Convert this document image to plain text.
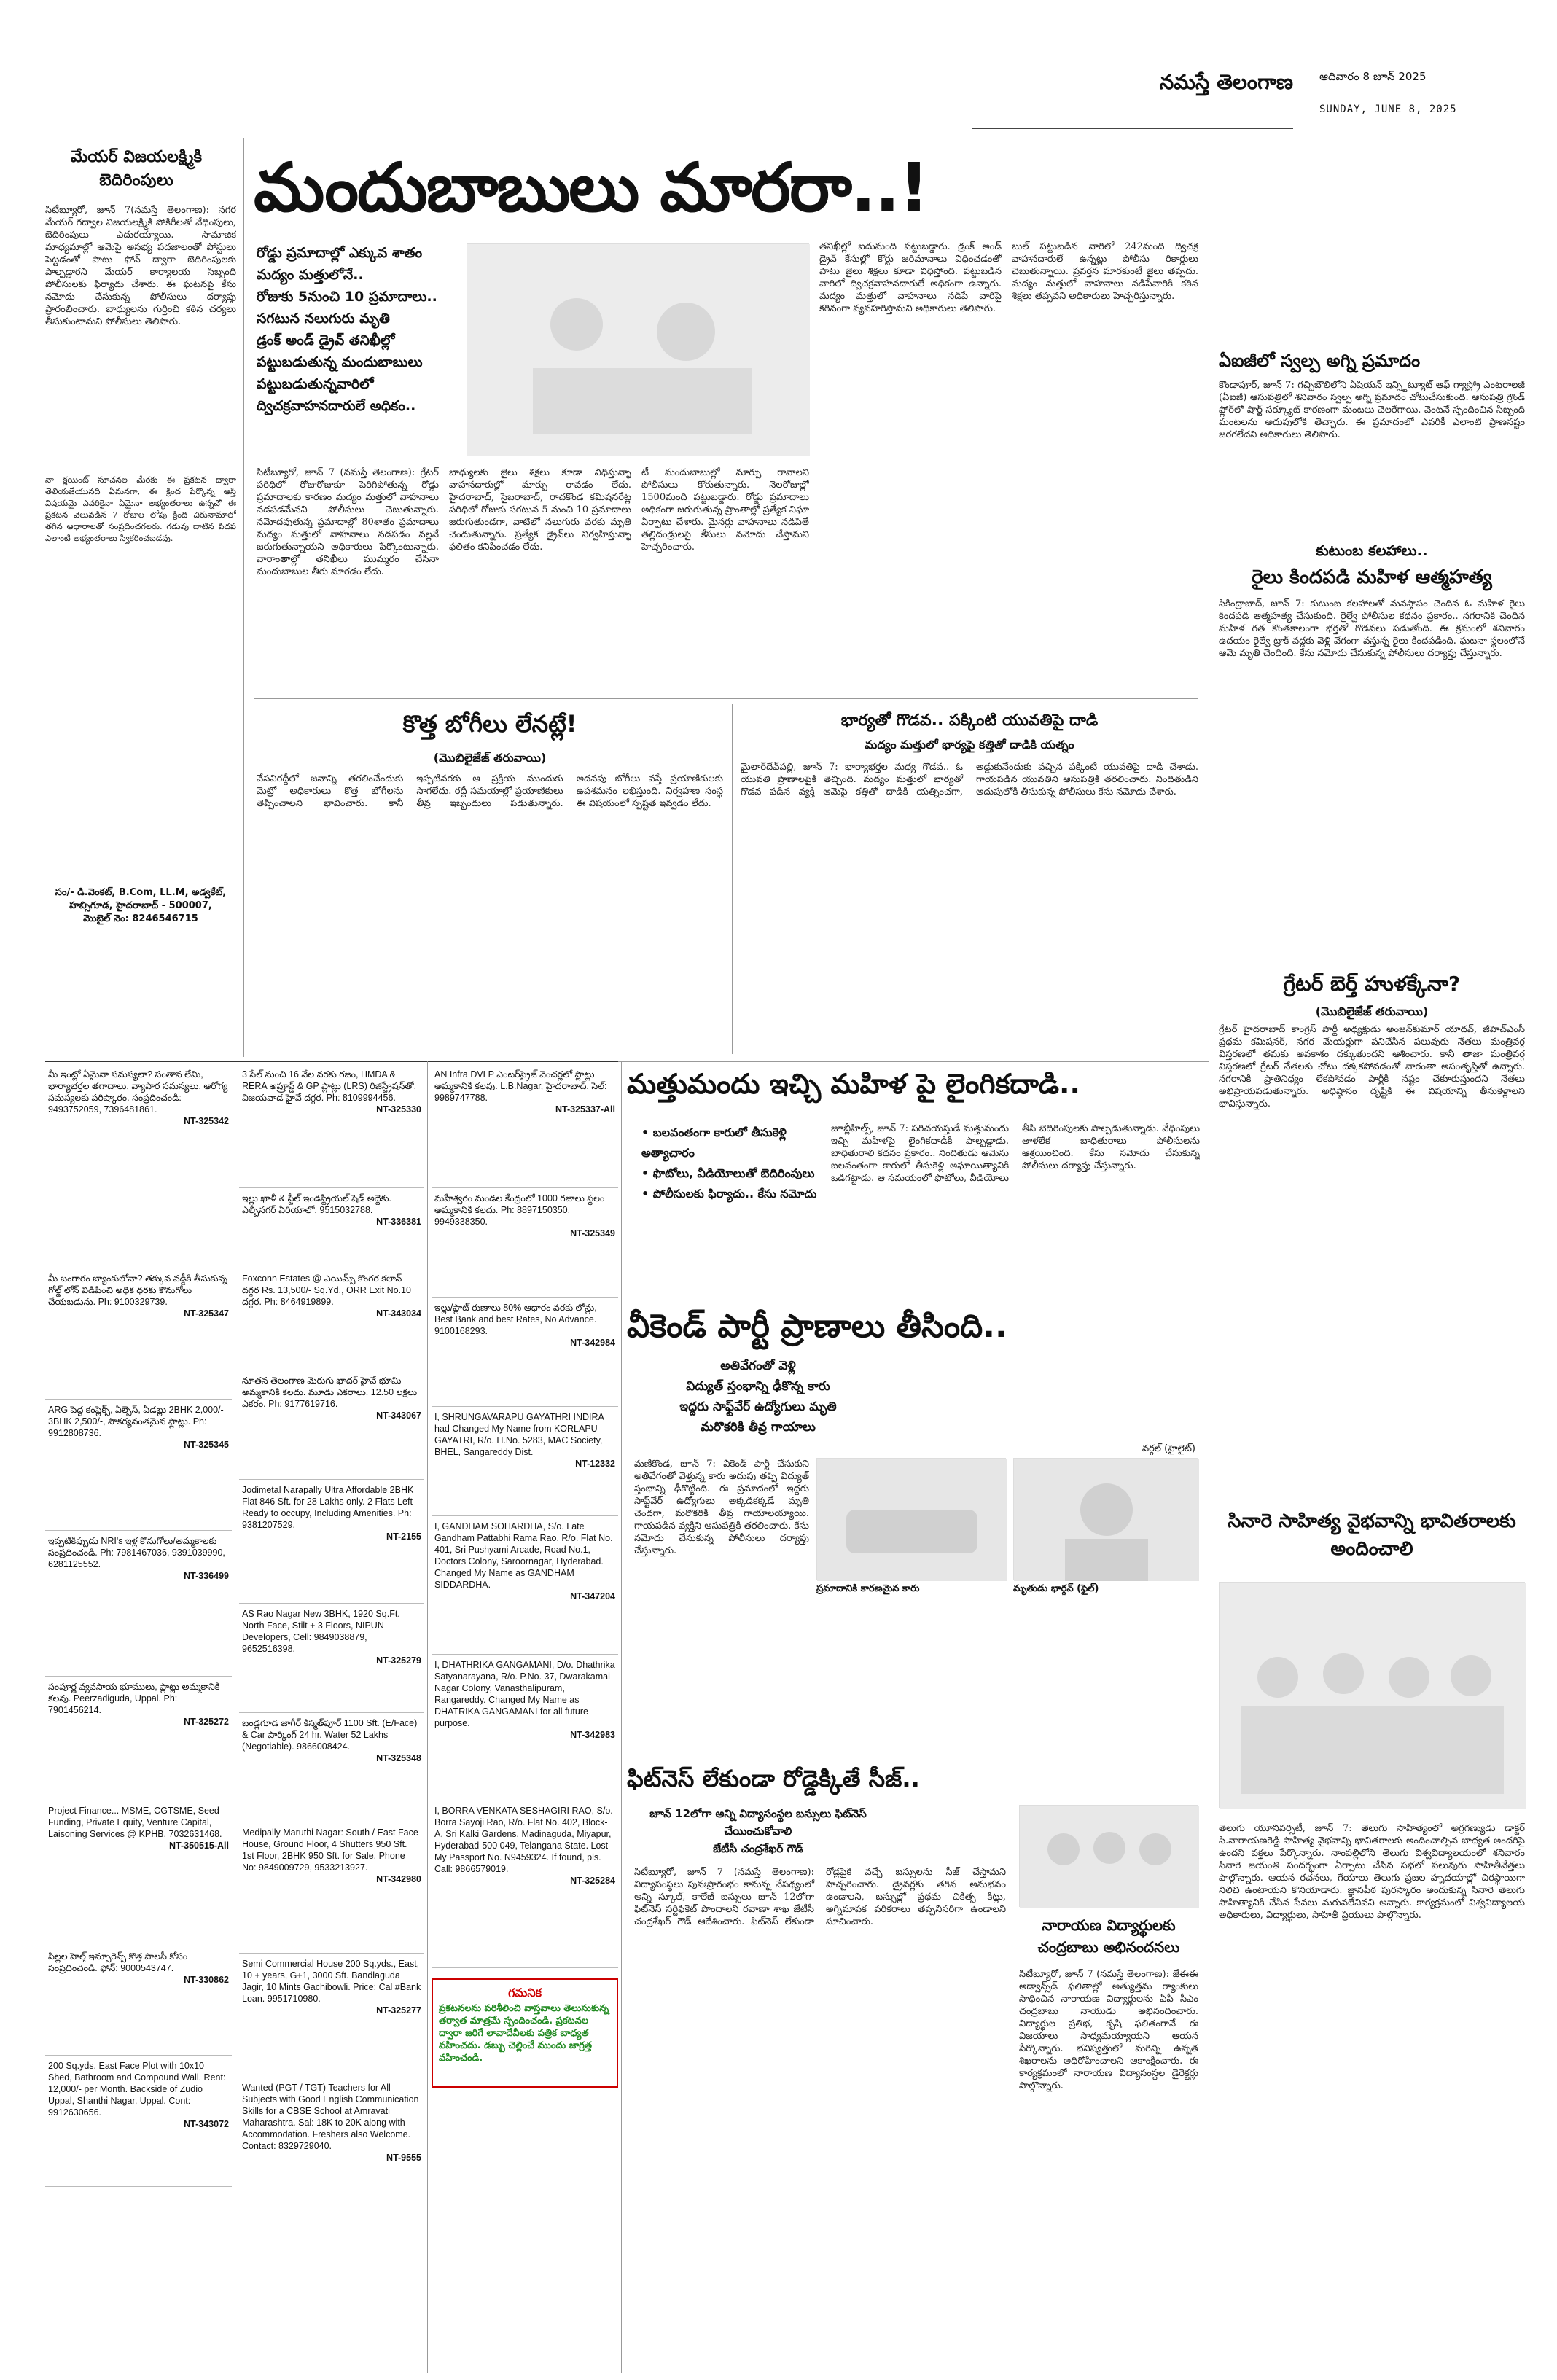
నమస్తే తెలంగాణ ఆదివారం 8 జూన్ 2025
SUNDAY, JUNE 8, 2025
మేయర్ విజయలక్ష్మికి బెదిరింపులు
సిటీబ్యూరో, జూన్ 7(నమస్తే తెలంగాణ): నగర మేయర్ గద్వాల విజయలక్ష్మికి పోకిరీలతో వేధింపులు, బెదిరింపులు ఎదురయ్యాయి. సామాజిక మాధ్యమాల్లో ఆమెపై అసభ్య పదజాలంతో పోస్టులు పెట్టడంతో పాటు ఫోన్ ద్వారా బెదిరింపులకు పాల్పడ్డారని మేయర్ కార్యాలయ సిబ్బంది పోలీసులకు ఫిర్యాదు చేశారు. ఈ ఘటనపై కేసు నమోదు చేసుకున్న పోలీసులు దర్యాప్తు ప్రారంభించారు. బాధ్యులను గుర్తించి కఠిన చర్యలు తీసుకుంటామని పోలీసులు తెలిపారు.
నా క్లయింట్ సూచనల మేరకు ఈ ప్రకటన ద్వారా తెలియజేయునది ఏమనగా, ఈ క్రింద పేర్కొన్న ఆస్తి విషయమై ఎవరికైనా ఏమైనా అభ్యంతరాలు ఉన్నచో ఈ ప్రకటన వెలువడిన 7 రోజుల లోపు క్రింది చిరునామాలో తగిన ఆధారాలతో సంప్రదించగలరు. గడువు దాటిన పిదప ఎలాంటి అభ్యంతరాలు స్వీకరించబడవు.
సం/- డి.వెంకట్, B.Com, LL.M, అడ్వకేట్,
హబ్సిగూడ, హైదరాబాద్ - 500007,
మొబైల్ నెం: 8246546715
మందుబాబులు మారరా..!
రోడ్డు ప్రమాదాల్లో ఎక్కువ శాతం మద్యం మత్తులోనే..
రోజుకు 5నుంచి 10 ప్రమాదాలు..
సగటున నలుగురు మృతి
డ్రంక్ అండ్ డ్రైవ్ తనిఖీల్లో పట్టుబడుతున్న మందుబాబులు
పట్టుబడుతున్నవారిలో ద్విచక్రవాహనదారులే అధికం..
సిటీబ్యూరో, జూన్ 7 (నమస్తే తెలంగాణ): గ్రేటర్ పరిధిలో రోజురోజుకూ పెరిగిపోతున్న రోడ్డు ప్రమాదాలకు కారణం మద్యం మత్తులో వాహనాలు నడపడమేనని పోలీసులు చెబుతున్నారు. నమోదవుతున్న ప్రమాదాల్లో 80శాతం ప్రమాదాలు మద్యం మత్తులో వాహనాలు నడపడం వల్లనే జరుగుతున్నాయని అధికారులు పేర్కొంటున్నారు. వారాంతాల్లో తనిఖీలు ముమ్మరం చేసినా మందుబాబుల తీరు మారడం లేదు.
బాధ్యులకు జైలు శిక్షలు కూడా విధిస్తున్నా వాహనదారుల్లో మార్పు రావడం లేదు. హైదరాబాద్, సైబరాబాద్, రాచకొండ కమిషనరేట్ల పరిధిలో రోజుకు సగటున 5 నుంచి 10 ప్రమాదాలు జరుగుతుండగా, వాటిలో నలుగురు వరకు మృతి చెందుతున్నారు. ప్రత్యేక డ్రైవ్‌లు నిర్వహిస్తున్నా ఫలితం కనిపించడం లేదు.
టీ మందుబాబుల్లో మార్పు రావాలని పోలీసులు కోరుతున్నారు. నెలరోజుల్లో 1500మంది పట్టుబడ్డారు. రోడ్డు ప్రమాదాలు అధికంగా జరుగుతున్న ప్రాంతాల్లో ప్రత్యేక నిఘా ఏర్పాటు చేశారు. మైనర్లు వాహనాలు నడిపితే తల్లిదండ్రులపై కేసులు నమోదు చేస్తామని హెచ్చరించారు.
తనిఖీల్లో ఐదుమంది పట్టుబడ్డారు. డ్రంక్ అండ్ డ్రైవ్ కేసుల్లో కోర్టు జరిమానాలు విధించడంతో పాటు జైలు శిక్షలు కూడా విధిస్తోంది. పట్టుబడిన వారిలో ద్విచక్రవాహనదారులే అధికంగా ఉన్నారు. మద్యం మత్తులో వాహనాలు నడిపే వారిపై కఠినంగా వ్యవహరిస్తామని అధికారులు తెలిపారు.
బుల్ పట్టుబడిన వారిలో 242మంది ద్విచక్ర వాహనదారులే ఉన్నట్లు పోలీసు రికార్డులు చెబుతున్నాయి. ప్రవర్తన మారకుంటే జైలు తప్పదు. మద్యం మత్తులో వాహనాలు నడిపేవారికి కఠిన శిక్షలు తప్పవని అధికారులు హెచ్చరిస్తున్నారు.
ఏఐజీలో స్వల్ప అగ్ని ప్రమాదం
కొండాపూర్, జూన్ 7: గచ్చిబౌలిలోని ఏషియన్ ఇన్స్టిట్యూట్ ఆఫ్ గ్యాస్ట్రో ఎంటరాలజీ (ఏఐజీ) ఆసుపత్రిలో శనివారం స్వల్ప అగ్ని ప్రమాదం చోటుచేసుకుంది. ఆసుపత్రి గ్రౌండ్ ఫ్లోర్‌లో షార్ట్ సర్క్యూట్ కారణంగా మంటలు చెలరేగాయి. వెంటనే స్పందించిన సిబ్బంది మంటలను అదుపులోకి తెచ్చారు. ఈ ప్రమాదంలో ఎవరికీ ఎలాంటి ప్రాణనష్టం జరగలేదని అధికారులు తెలిపారు.
కుటుంబ కలహాలు..
రైలు కిందపడి మహిళ ఆత్మహత్య
సికింద్రాబాద్, జూన్ 7: కుటుంబ కలహాలతో మనస్తాపం చెందిన ఓ మహిళ రైలు కిందపడి ఆత్మహత్య చేసుకుంది. రైల్వే పోలీసుల కథనం ప్రకారం.. నగరానికి చెందిన మహిళ గత కొంతకాలంగా భర్తతో గొడవలు పడుతోంది. ఈ క్రమంలో శనివారం ఉదయం రైల్వే ట్రాక్ వద్దకు వెళ్లి వేగంగా వస్తున్న రైలు కిందపడింది. ఘటనా స్థలంలోనే ఆమె మృతి చెందింది. కేసు నమోదు చేసుకున్న పోలీసులు దర్యాప్తు చేస్తున్నారు.
గ్రేటర్ బెర్త్ హుళక్కేనా?
(మొబిలైజేజ్ తరువాయి)
గ్రేటర్ హైదరాబాద్ కాంగ్రెస్ పార్టీ అధ్యక్షుడు అంజన్‌కుమార్ యాదవ్, జీహెచ్ఎంసీ ప్రథమ కమిషనర్, నగర మేయర్లుగా పనిచేసిన పలువురు నేతలు మంత్రివర్గ విస్తరణలో తమకు అవకాశం దక్కుతుందని ఆశించారు. కానీ తాజా మంత్రివర్గ విస్తరణలో గ్రేటర్ నేతలకు చోటు దక్కకపోవడంతో వారంతా అసంతృప్తితో ఉన్నారు. నగరానికి ప్రాతినిధ్యం లేకపోవడం పార్టీకి నష్టం చేకూరుస్తుందని నేతలు అభిప్రాయపడుతున్నారు. అధిష్ఠానం దృష్టికి ఈ విషయాన్ని తీసుకెళ్లాలని భావిస్తున్నారు.
సినారె సాహిత్య వైభవాన్ని భావితరాలకు అందించాలి
తెలుగు యూనివర్సిటీ, జూన్ 7: తెలుగు సాహిత్యంలో అగ్రగణ్యుడు డాక్టర్ సి.నారాయణరెడ్డి సాహిత్య వైభవాన్ని భావితరాలకు అందించాల్సిన బాధ్యత అందరిపై ఉందని వక్తలు పేర్కొన్నారు. నాంపల్లిలోని తెలుగు విశ్వవిద్యాలయంలో శనివారం సినారె జయంతి సందర్భంగా ఏర్పాటు చేసిన సభలో పలువురు సాహితీవేత్తలు పాల్గొన్నారు. ఆయన రచనలు, గేయాలు తెలుగు ప్రజల హృదయాల్లో చిరస్థాయిగా నిలిచి ఉంటాయని కొనియాడారు. జ్ఞానపీఠ పురస్కారం అందుకున్న సినారె తెలుగు సాహిత్యానికి చేసిన సేవలు మరువలేనివని అన్నారు. కార్యక్రమంలో విశ్వవిద్యాలయ అధికారులు, విద్యార్థులు, సాహితీ ప్రియులు పాల్గొన్నారు.
కొత్త బోగీలు లేనట్లే!
(మొబిలైజేజ్ తరువాయి)
వేసవిరద్దీలో జనాన్ని తరలించేందుకు మెట్రో అధికారులు కొత్త బోగీలను తెప్పించాలని భావించారు. కానీ ఇప్పటివరకు ఆ ప్రక్రియ ముందుకు సాగలేదు. రద్దీ సమయాల్లో ప్రయాణికులు తీవ్ర ఇబ్బందులు పడుతున్నారు. అదనపు బోగీలు వస్తే ప్రయాణికులకు ఉపశమనం లభిస్తుంది. నిర్వహణ సంస్థ ఈ విషయంలో స్పష్టత ఇవ్వడం లేదు.
భార్యతో గొడవ.. పక్కింటి యువతిపై దాడి
మద్యం మత్తులో భార్యపై కత్తితో దాడికి యత్నం
మైలార్‌దేవ్‌పల్లి, జూన్ 7: భార్యాభర్తల మధ్య గొడవ.. ఓ యువతి ప్రాణాలపైకి తెచ్చింది. మద్యం మత్తులో భార్యతో గొడవ పడిన వ్యక్తి ఆమెపై కత్తితో దాడికి యత్నించగా, అడ్డుకునేందుకు వచ్చిన పక్కింటి యువతిపై దాడి చేశాడు. గాయపడిన యువతిని ఆసుపత్రికి తరలించారు. నిందితుడిని అదుపులోకి తీసుకున్న పోలీసులు కేసు నమోదు చేశారు.
మత్తుమందు ఇచ్చి మహిళ పై లైంగికదాడి..
• బలవంతంగా కారులో తీసుకెళ్లి అత్యాచారం
• ఫొటోలు, వీడియోలుతో బెదిరింపులు
• పోలీసులకు ఫిర్యాదు.. కేసు నమోదు
జూబ్లీహిల్స్, జూన్ 7: పరిచయస్తుడే మత్తుమందు ఇచ్చి మహిళపై లైంగికదాడికి పాల్పడ్డాడు. బాధితురాలి కథనం ప్రకారం.. నిందితుడు ఆమెను బలవంతంగా కారులో తీసుకెళ్లి అఘాయిత్యానికి ఒడిగట్టాడు. ఆ సమయంలో ఫొటోలు, వీడియోలు తీసి బెదిరింపులకు పాల్పడుతున్నాడు. వేధింపులు తాళలేక బాధితురాలు పోలీసులను ఆశ్రయించింది. కేసు నమోదు చేసుకున్న పోలీసులు దర్యాప్తు చేస్తున్నారు.
వీకెండ్ పార్టీ ప్రాణాలు తీసింది..
అతివేగంతో వెళ్లి
విద్యుత్ స్తంభాన్ని ఢీకొన్న కారు
ఇద్దరు సాఫ్ట్‌వేర్ ఉద్యోగులు మృతి
మరొకరికి తీవ్ర గాయాలు
వర్గల్ (హైలైట్)
మణికొండ, జూన్ 7: వీకెండ్ పార్టీ చేసుకుని అతివేగంతో వెళ్తున్న కారు అదుపు తప్పి విద్యుత్ స్తంభాన్ని ఢీకొట్టింది. ఈ ప్రమాదంలో ఇద్దరు సాఫ్ట్‌వేర్ ఉద్యోగులు అక్కడికక్కడే మృతి చెందగా, మరొకరికి తీవ్ర గాయాలయ్యాయి. గాయపడిన వ్యక్తిని ఆసుపత్రికి తరలించారు. కేసు నమోదు చేసుకున్న పోలీసులు దర్యాప్తు చేస్తున్నారు.
ప్రమాదానికి కారణమైన కారు	మృతుడు భార్గవ్ (ఫైల్)
ఫిట్‌నెస్ లేకుండా రోడ్డెక్కితే సీజ్..
జూన్ 12లోగా అన్ని విద్యాసంస్థల బస్సులు ఫిట్‌నెస్ చేయించుకోవాలి
జేటీసీ చంద్రశేఖర్ గౌడ్
సిటీబ్యూరో, జూన్ 7 (నమస్తే తెలంగాణ): విద్యాసంస్థలు పునఃప్రారంభం కానున్న నేపథ్యంలో అన్ని స్కూల్, కాలేజీ బస్సులు జూన్ 12లోగా ఫిట్‌నెస్ సర్టిఫికెట్ పొందాలని రవాణా శాఖ జేటీసీ చంద్రశేఖర్ గౌడ్ ఆదేశించారు. ఫిట్‌నెస్ లేకుండా రోడ్లపైకి వచ్చే బస్సులను సీజ్ చేస్తామని హెచ్చరించారు. డ్రైవర్లకు తగిన అనుభవం ఉండాలని, బస్సుల్లో ప్రథమ చికిత్స కిట్లు, అగ్నిమాపక పరికరాలు తప్పనిసరిగా ఉండాలని సూచించారు.	నారాయణ విద్యార్థులకు చంద్రబాబు అభినందనలు
సిటీబ్యూరో, జూన్ 7 (నమస్తే తెలంగాణ): జేఈఈ అడ్వాన్స్‌డ్ ఫలితాల్లో అత్యుత్తమ ర్యాంకులు సాధించిన నారాయణ విద్యార్థులను ఏపీ సీఎం చంద్రబాబు నాయుడు అభినందించారు. విద్యార్థుల ప్రతిభ, కృషి ఫలితంగానే ఈ విజయాలు సాధ్యమయ్యాయని ఆయన పేర్కొన్నారు. భవిష్యత్తులో మరిన్ని ఉన్నత శిఖరాలను అధిరోహించాలని ఆకాంక్షించారు. ఈ కార్యక్రమంలో నారాయణ విద్యాసంస్థల డైరెక్టర్లు పాల్గొన్నారు.
మీ ఇంట్లో ఏమైనా సమస్యలా? సంతాన లేమి, భార్యాభర్తల తగాదాలు, వ్యాపార సమస్యలు, ఆరోగ్య సమస్యలకు పరిష్కారం. సంప్రదించండి: 9493752059, 7396481861.
NT-325342
మీ బంగారం బ్యాంకులోనా? తక్కువ వడ్డీకి తీసుకున్న గోల్డ్ లోన్ విడిపించి అధిక ధరకు కొనుగోలు చేయబడును. Ph: 9100329739.
NT-325347
ARG పెద్ద కంప్లెక్స్, ఏల్సెస్, ఏడబ్లు 2BHK 2,000/- 3BHK 2,500/-, సౌకర్యవంతమైన ఫ్లాట్లు. Ph: 9912808736.
NT-325345
ఇప్పటికిప్పుడు NRI's ఇళ్ల కొనుగోలు/అమ్మకాలకు సంప్రదించండి. Ph: 7981467036, 9391039990, 6281125552.
NT-336499
సంపూర్ణ వ్యవసాయ భూములు, ప్లాట్లు అమ్మకానికి కలవు. Peerzadiguda, Uppal. Ph: 7901456214.
NT-325272
Project Finance... MSME, CGTSME, Seed Funding, Private Equity, Venture Capital, Laisoning Services @ KPHB. 7032631468.
NT-350515-All
పిల్లల హెల్త్ ఇన్సూరెన్స్ కొత్త పాలసీ కోసం సంప్రదించండి. ఫోన్: 9000543747.
NT-330862
200 Sq.yds. East Face Plot with 10x10 Shed, Bathroom and Compound Wall. Rent: 12,000/- per Month. Backside of Zudio Uppal, Shanthi Nagar, Uppal. Cont: 9912630656.
NT-343072
3 సేల్ నుంచి 16 వేల వరకు గజం, HMDA & RERA అప్రూవ్డ్ & GP ప్లాట్లు (LRS) రిజిస్ట్రేషన్‌తో. విజయవాడ హైవే దగ్గర. Ph: 8109994456.
NT-325330
ఇల్లు ఖాళీ & స్టీల్ ఇండస్ట్రియల్ షెడ్ అద్దెకు. ఎల్బీనగర్ ఏరియాలో. 9515032788.
NT-336381
Foxconn Estates @ ఎయిమ్స్ కొంగర కలాన్ దగ్గర Rs. 13,500/- Sq.Yd., ORR Exit No.10 దగ్గర. Ph: 8464919899.
NT-343034
నూతన తెలంగాణ మెరుగు ఖాదర్ హైవే భూమి అమ్మకానికి కలదు. మూడు ఎకరాలు. 12.50 లక్షలు ఎకరం. Ph: 9177619716.
NT-343067
Jodimetal Narapally Ultra Affordable 2BHK Flat 846 Sft. for 28 Lakhs only. 2 Flats Left Ready to occupy, Including Amenities. Ph: 9381207529.
NT-2155
AS Rao Nagar New 3BHK, 1920 Sq.Ft. North Face, Stilt + 3 Floors, NIPUN Developers, Cell: 9849038879, 9652516398.
NT-325279
బండ్లగూడ జాగీర్ కిస్మత్‌పూర్ 1100 Sft. (E/Face) & Car పార్కింగ్ 24 hr. Water 52 Lakhs (Negotiable). 9866008424.
NT-325348
Medipally Maruthi Nagar: South / East Face House, Ground Floor, 4 Shutters 950 Sft. 1st Floor, 2BHK 950 Sft. for Sale. Phone No: 9849009729, 9533213927.
NT-342980
Semi Commercial House 200 Sq.yds., East, 10 + years, G+1, 3000 Sft. Bandlaguda Jagir, 10 Mints Gachibowli. Price: Cal #Bank Loan. 9951710980.
NT-325277
Wanted (PGT / TGT) Teachers for All Subjects with Good English Communication Skills for a CBSE School at Amravati Maharashtra. Sal: 18K to 20K along with Accommodation. Freshers also Welcome. Contact: 8329729040.
NT-9555
AN Infra DVLP ఎంటర్‌ప్రైజ్ వెంచర్లలో ప్లాట్లు అమ్మకానికి కలవు. L.B.Nagar, హైదరాబాద్. సెల్: 9989747788.
NT-325337-All
మహేశ్వరం మండల కేంద్రంలో 1000 గజాలు స్థలం అమ్మకానికి కలదు. Ph: 8897150350, 9949338350.
NT-325349
ఇల్లు/ప్లాట్ రుణాలు 80% ఆధారం వరకు లోన్లు, Best Bank and best Rates, No Advance. 9100168293.
NT-342984
I, SHRUNGAVARAPU GAYATHRI INDIRA had Changed My Name from KORLAPU GAYATRI, R/o. H.No. 5283, MAC Society, BHEL, Sangareddy Dist.
NT-12332
I, GANDHAM SOHARDHA, S/o. Late Gandham Pattabhi Rama Rao, R/o. Flat No. 401, Sri Pushyami Arcade, Road No.1, Doctors Colony, Saroornagar, Hyderabad. Changed My Name as GANDHAM SIDDARDHA.
NT-347204
I, DHATHRIKA GANGAMANI, D/o. Dhathrika Satyanarayana, R/o. P.No. 37, Dwarakamai Nagar Colony, Vanasthalipuram, Rangareddy. Changed My Name as DHATRIKA GANGAMANI for all future purpose.
NT-342983
I, BORRA VENKATA SESHAGIRI RAO, S/o. Borra Sayoji Rao, R/o. Flat No. 402, Block-A, Sri Kalki Gardens, Madinaguda, Miyapur, Hyderabad-500 049, Telangana State. Lost My Passport No. N9459324. If found, pls. Call: 9866579019.
NT-325284
గమనిక
ప్రకటనలను పరిశీలించి వాస్తవాలు తెలుసుకున్న తర్వాత మాత్రమే స్పందించండి. ప్రకటనల ద్వారా జరిగే లావాదేవీలకు పత్రిక బాధ్యత వహించదు. డబ్బు చెల్లించే ముందు జాగ్రత్త వహించండి.
